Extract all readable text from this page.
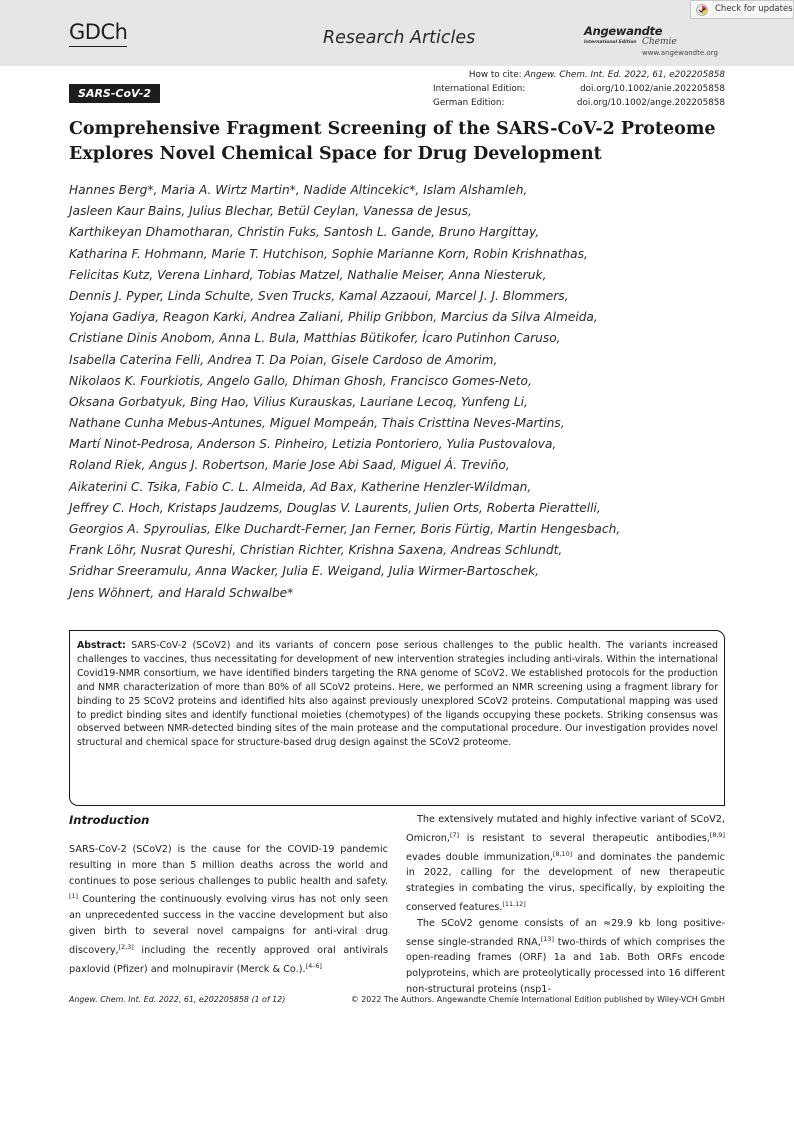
GDCh	Research Articles	Angewandte
International Edition Chemie
www.angewandte.org
Check for updates
SARS-CoV-2
How to cite: Angew. Chem. Int. Ed. 2022, 61, e202205858
International Edition:	doi.org/10.1002/anie.202205858
German Edition:	doi.org/10.1002/ange.202205858
Comprehensive Fragment Screening of the SARS-CoV-2 Proteome
Explores Novel Chemical Space for Drug Development
Hannes Berg*, Maria A. Wirtz Martin*, Nadide Altincekic*, Islam Alshamleh,
Jasleen Kaur Bains, Julius Blechar, Betül Ceylan, Vanessa de Jesus,
Karthikeyan Dhamotharan, Christin Fuks, Santosh L. Gande, Bruno Hargittay,
Katharina F. Hohmann, Marie T. Hutchison, Sophie Marianne Korn, Robin Krishnathas,
Felicitas Kutz, Verena Linhard, Tobias Matzel, Nathalie Meiser, Anna Niesteruk,
Dennis J. Pyper, Linda Schulte, Sven Trucks, Kamal Azzaoui, Marcel J. J. Blommers,
Yojana Gadiya, Reagon Karki, Andrea Zaliani, Philip Gribbon, Marcius da Silva Almeida,
Cristiane Dinis Anobom, Anna L. Bula, Matthias Bütikofer, Ícaro Putinhon Caruso,
Isabella Caterina Felli, Andrea T. Da Poian, Gisele Cardoso de Amorim,
Nikolaos K. Fourkiotis, Angelo Gallo, Dhiman Ghosh, Francisco Gomes-Neto,
Oksana Gorbatyuk, Bing Hao, Vilius Kurauskas, Lauriane Lecoq, Yunfeng Li,
Nathane Cunha Mebus-Antunes, Miguel Mompeán, Thais Cristtina Neves-Martins,
Martí Ninot-Pedrosa, Anderson S. Pinheiro, Letizia Pontoriero, Yulia Pustovalova,
Roland Riek, Angus J. Robertson, Marie Jose Abi Saad, Miguel Á. Treviño,
Aikaterini C. Tsika, Fabio C. L. Almeida, Ad Bax, Katherine Henzler-Wildman,
Jeffrey C. Hoch, Kristaps Jaudzems, Douglas V. Laurents, Julien Orts, Roberta Pierattelli,
Georgios A. Spyroulias, Elke Duchardt-Ferner, Jan Ferner, Boris Fürtig, Martin Hengesbach,
Frank Löhr, Nusrat Qureshi, Christian Richter, Krishna Saxena, Andreas Schlundt,
Sridhar Sreeramulu, Anna Wacker, Julia E. Weigand, Julia Wirmer-Bartoschek,
Jens Wöhnert, and Harald Schwalbe*

Abstract: SARS-CoV-2 (SCoV2) and its variants of concern pose serious challenges to the public health. The variants increased challenges to vaccines, thus necessitating for development of new intervention strategies including anti-virals. Within the international Covid19-NMR consortium, we have identified binders targeting the RNA genome of SCoV2. We established protocols for the production and NMR characterization of more than 80% of all SCoV2 proteins. Here, we performed an NMR screening using a fragment library for binding to 25 SCoV2 proteins and identified hits also against previously unexplored SCoV2 proteins. Computational mapping was used to predict binding sites and identify functional moieties (chemotypes) of the ligands occupying these pockets. Striking consensus was observed between NMR-detected binding sites of the main protease and the computational procedure. Our investigation provides novel structural and chemical space for structure-based drug design against the SCoV2 proteome.

Introduction

SARS-CoV-2 (SCoV2) is the cause for the COVID-19 pandemic resulting in more than 5 million deaths across the world and continues to pose serious challenges to public health and safety.[1] Countering the continuously evolving virus has not only seen an unprecedented success in the vaccine development but also given birth to several novel campaigns for anti-viral drug discovery,[2,3] including the recently approved oral antivirals paxlovid (Pfizer) and molnupiravir (Merck & Co.).[4–6]

The extensively mutated and highly infective variant of SCoV2, Omicron,[7] is resistant to several therapeutic antibodies,[8,9] evades double immunization,[8,10] and dominates the pandemic in 2022, calling for the development of new therapeutic strategies in combating the virus, specifically, by exploiting the conserved features.[11,12]

The SCoV2 genome consists of an ≈29.9 kb long positive-sense single-stranded RNA,[13] two-thirds of which comprises the open-reading frames (ORF) 1a and 1ab. Both ORFs encode polyproteins, which are proteolytically processed into 16 different non-structural proteins (nsp1-

Angew. Chem. Int. Ed. 2022, 61, e202205858 (1 of 12)	© 2022 The Authors. Angewandte Chemie International Edition published by Wiley-VCH GmbH
